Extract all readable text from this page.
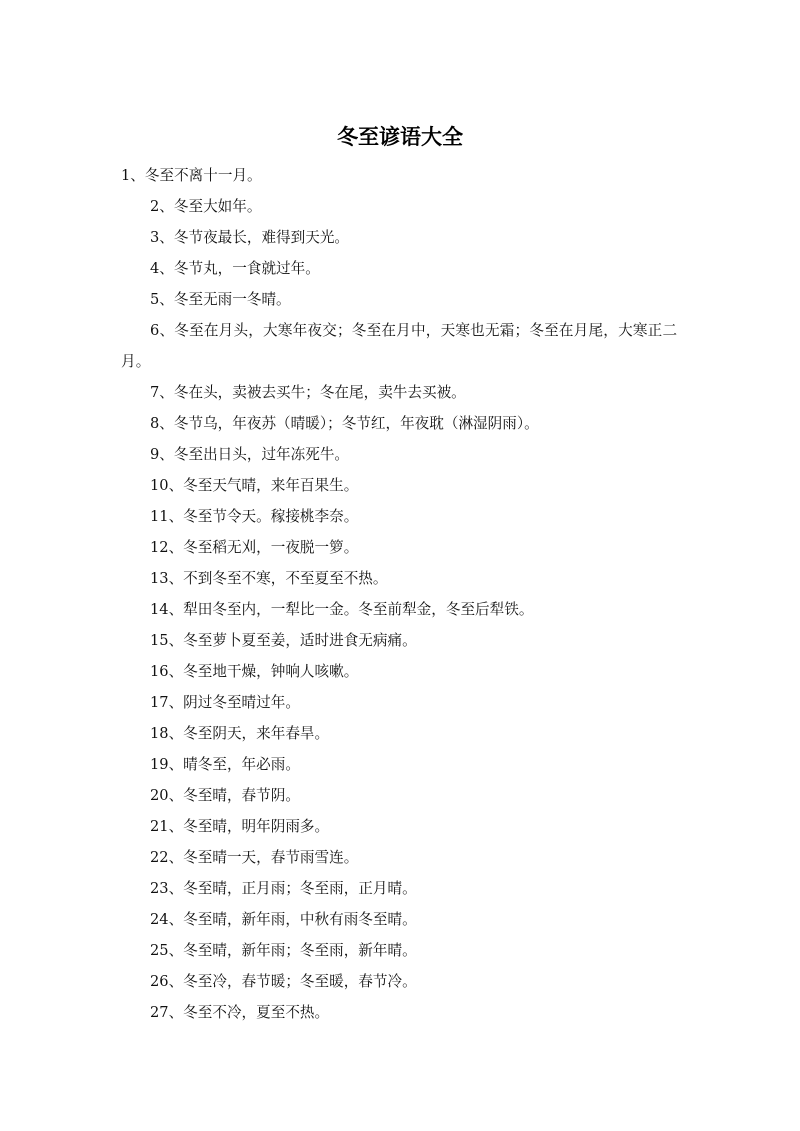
冬至谚语大全
1、冬至不离十一月。
2、冬至大如年。
3、冬节夜最长，难得到天光。
4、冬节丸，一食就过年。
5、冬至无雨一冬晴。
6、冬至在月头，大寒年夜交；冬至在月中，天寒也无霜；冬至在月尾，大寒正二月。
7、冬在头，卖被去买牛；冬在尾，卖牛去买被。
8、冬节乌，年夜苏（晴暖）；冬节红，年夜耽（淋湿阴雨）。
9、冬至出日头，过年冻死牛。
10、冬至天气晴，来年百果生。
11、冬至节令天。稼接桃李奈。
12、冬至稻无刈，一夜脱一箩。
13、不到冬至不寒，不至夏至不热。
14、犁田冬至内，一犁比一金。冬至前犁金，冬至后犁铁。
15、冬至萝卜夏至姜，适时进食无病痛。
16、冬至地干燥，钟响人咳嗽。
17、阴过冬至晴过年。
18、冬至阴天，来年春旱。
19、晴冬至，年必雨。
20、冬至晴，春节阴。
21、冬至晴，明年阴雨多。
22、冬至晴一天，春节雨雪连。
23、冬至晴，正月雨；冬至雨，正月晴。
24、冬至晴，新年雨，中秋有雨冬至晴。
25、冬至晴，新年雨；冬至雨，新年晴。
26、冬至冷，春节暖；冬至暖，春节冷。
27、冬至不冷，夏至不热。
